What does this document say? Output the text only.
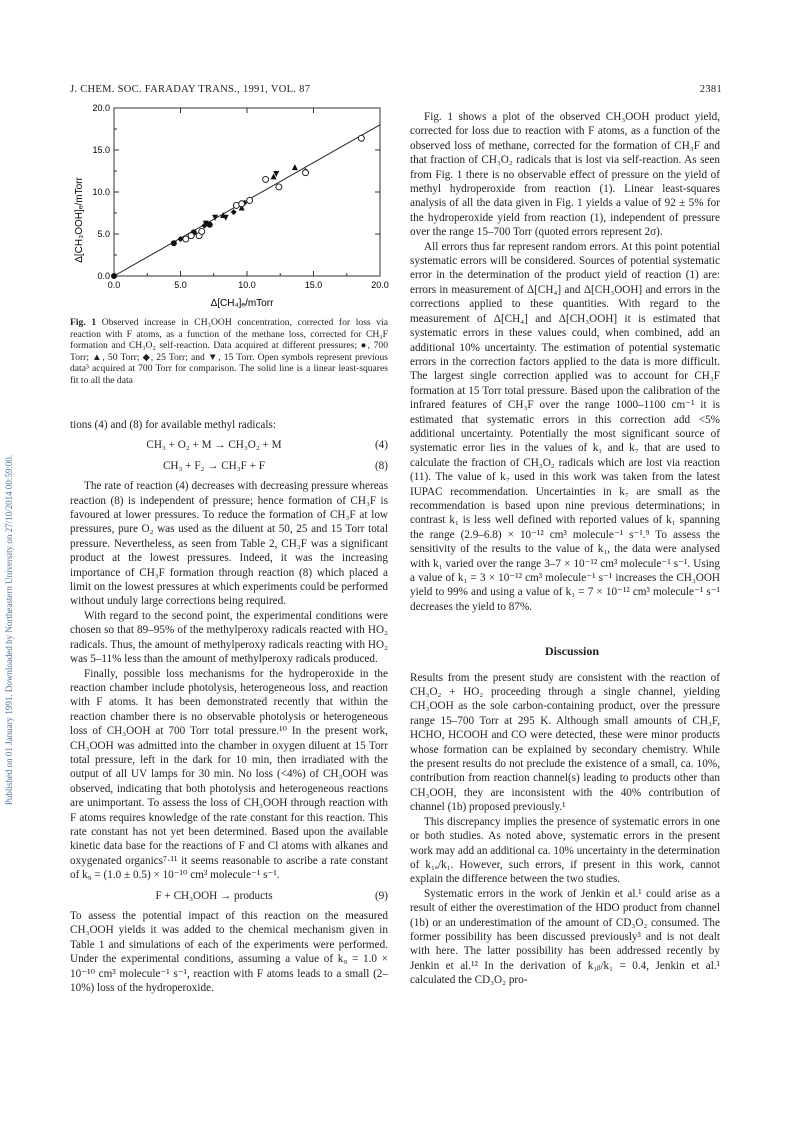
J. CHEM. SOC. FARADAY TRANS., 1991, VOL. 87	2381
Published on 01 January 1991. Downloaded by Northeastern University on 27/10/2014 00:59:00.
0.0	5.0	10.0	15.0	20.0
0.0
5.0
10.0
15.0
20.0
Δ[CH₃OOH]ₑ/mTorr
Δ[CH₄]ₑ/mTorr
Fig. 1 Observed increase in CH₃OOH concentration, corrected for loss via reaction with F atoms, as a function of the methane loss, corrected for CH₃F formation and CH₃O₂ self-reaction. Data acquired at different pressures; ●, 700 Torr; ▲, 50 Torr; ◆, 25 Torr; and ▼, 15 Torr. Open symbols represent previous data³ acquired at 700 Torr for comparison. The solid line is a linear least-squares fit to all the data

tions (4) and (8) for available methyl radicals:

CH₃ + O₂ + M → CH₃O₂ + M	(4)
CH₃ + F₂ → CH₃F + F	(8)

The rate of reaction (4) decreases with decreasing pressure whereas reaction (8) is independent of pressure; hence formation of CH₃F is favoured at lower pressures. To reduce the formation of CH₃F at low pressures, pure O₂ was used as the diluent at 50, 25 and 15 Torr total pressure. Nevertheless, as seen from Table 2, CH₃F was a significant product at the lowest pressures. Indeed, it was the increasing importance of CH₃F formation through reaction (8) which placed a limit on the lowest pressures at which experiments could be performed without unduly large corrections being required.

With regard to the second point, the experimental conditions were chosen so that 89–95% of the methylperoxy radicals reacted with HO₂ radicals. Thus, the amount of methylperoxy radicals reacting with HO₂ was 5–11% less than the amount of methylperoxy radicals produced.

Finally, possible loss mechanisms for the hydroperoxide in the reaction chamber include photolysis, heterogeneous loss, and reaction with F atoms. It has been demonstrated recently that within the reaction chamber there is no observable photolysis or heterogeneous loss of CH₃OOH at 700 Torr total pressure.¹⁰ In the present work, CH₃OOH was admitted into the chamber in oxygen diluent at 15 Torr total pressure, left in the dark for 10 min, then irradiated with the output of all UV lamps for 30 min. No loss (<4%) of CH₃OOH was observed, indicating that both photolysis and heterogeneous reactions are unimportant. To assess the loss of CH₃OOH through reaction with F atoms requires knowledge of the rate constant for this reaction. This rate constant has not yet been determined. Based upon the available kinetic data base for the reactions of F and Cl atoms with alkanes and oxygenated organics⁷·¹¹ it seems reasonable to ascribe a rate constant of k₉ = (1.0 ± 0.5) × 10⁻¹⁰ cm³ molecule⁻¹ s⁻¹.

F + CH₃OOH → products	(9)

To assess the potential impact of this reaction on the measured CH₃OOH yields it was added to the chemical mechanism given in Table 1 and simulations of each of the experiments were performed. Under the experimental conditions, assuming a value of k₉ = 1.0 × 10⁻¹⁰ cm³ molecule⁻¹ s⁻¹, reaction with F atoms leads to a small (2–10%) loss of the hydroperoxide.

Fig. 1 shows a plot of the observed CH₃OOH product yield, corrected for loss due to reaction with F atoms, as a function of the observed loss of methane, corrected for the formation of CH₃F and that fraction of CH₃O₂ radicals that is lost via self-reaction. As seen from Fig. 1 there is no observable effect of pressure on the yield of methyl hydroperoxide from reaction (1). Linear least-squares analysis of all the data given in Fig. 1 yields a value of 92 ± 5% for the hydroperoxide yield from reaction (1), independent of pressure over the range 15–700 Torr (quoted errors represent 2σ).

All errors thus far represent random errors. At this point potential systematic errors will be considered. Sources of potential systematic error in the determination of the product yield of reaction (1) are: errors in measurement of Δ[CH₄] and Δ[CH₃OOH] and errors in the corrections applied to these quantities. With regard to the measurement of Δ[CH₄] and Δ[CH₃OOH] it is estimated that systematic errors in these values could, when combined, add an additional 10% uncertainty. The estimation of potential systematic errors in the correction factors applied to the data is more difficult. The largest single correction applied was to account for CH₃F formation at 15 Torr total pressure. Based upon the calibration of the infrared features of CH₃F over the range 1000–1100 cm⁻¹ it is estimated that systematic errors in this correction add <5% additional uncertainty. Potentially the most significant source of systematic error lies in the values of k₁ and k₇ that are used to calculate the fraction of CH₃O₂ radicals which are lost via reaction (11). The value of k₇ used in this work was taken from the latest IUPAC recommendation. Uncertainties in k₇ are small as the recommendation is based upon nine previous determinations; in contrast k₁ is less well defined with reported values of k₁ spanning the range (2.9–6.8) × 10⁻¹² cm³ molecule⁻¹ s⁻¹.⁹ To assess the sensitivity of the results to the value of k₁, the data were analysed with k₁ varied over the range 3–7 × 10⁻¹² cm³ molecule⁻¹ s⁻¹. Using a value of k₁ = 3 × 10⁻¹² cm³ molecule⁻¹ s⁻¹ increases the CH₃OOH yield to 99% and using a value of k₁ = 7 × 10⁻¹² cm³ molecule⁻¹ s⁻¹ decreases the yield to 87%.

Discussion

Results from the present study are consistent with the reaction of CH₃O₂ + HO₂ proceeding through a single channel, yielding CH₃OOH as the sole carbon-containing product, over the pressure range 15–700 Torr at 295 K. Although small amounts of CH₃F, HCHO, HCOOH and CO were detected, these were minor products whose formation can be explained by secondary chemistry. While the present results do not preclude the existence of a small, ca. 10%, contribution from reaction channel(s) leading to products other than CH₃OOH, they are inconsistent with the 40% contribution of channel (1b) proposed previously.¹

This discrepancy implies the presence of systematic errors in one or both studies. As noted above, systematic errors in the present work may add an additional ca. 10% uncertainty in the determination of k₁ₐ/k₁. However, such errors, if present in this work, cannot explain the difference between the two studies.

Systematic errors in the work of Jenkin et al.¹ could arise as a result of either the overestimation of the HDO product from channel (1b) or an underestimation of the amount of CD₃O₂ consumed. The former possibility has been discussed previously³ and is not dealt with here. The latter possibility has been addressed recently by Jenkin et al.¹² In the derivation of k₁ᵦ/k₁ = 0.4, Jenkin et al.¹ calculated the CD₃O₂ pro-
